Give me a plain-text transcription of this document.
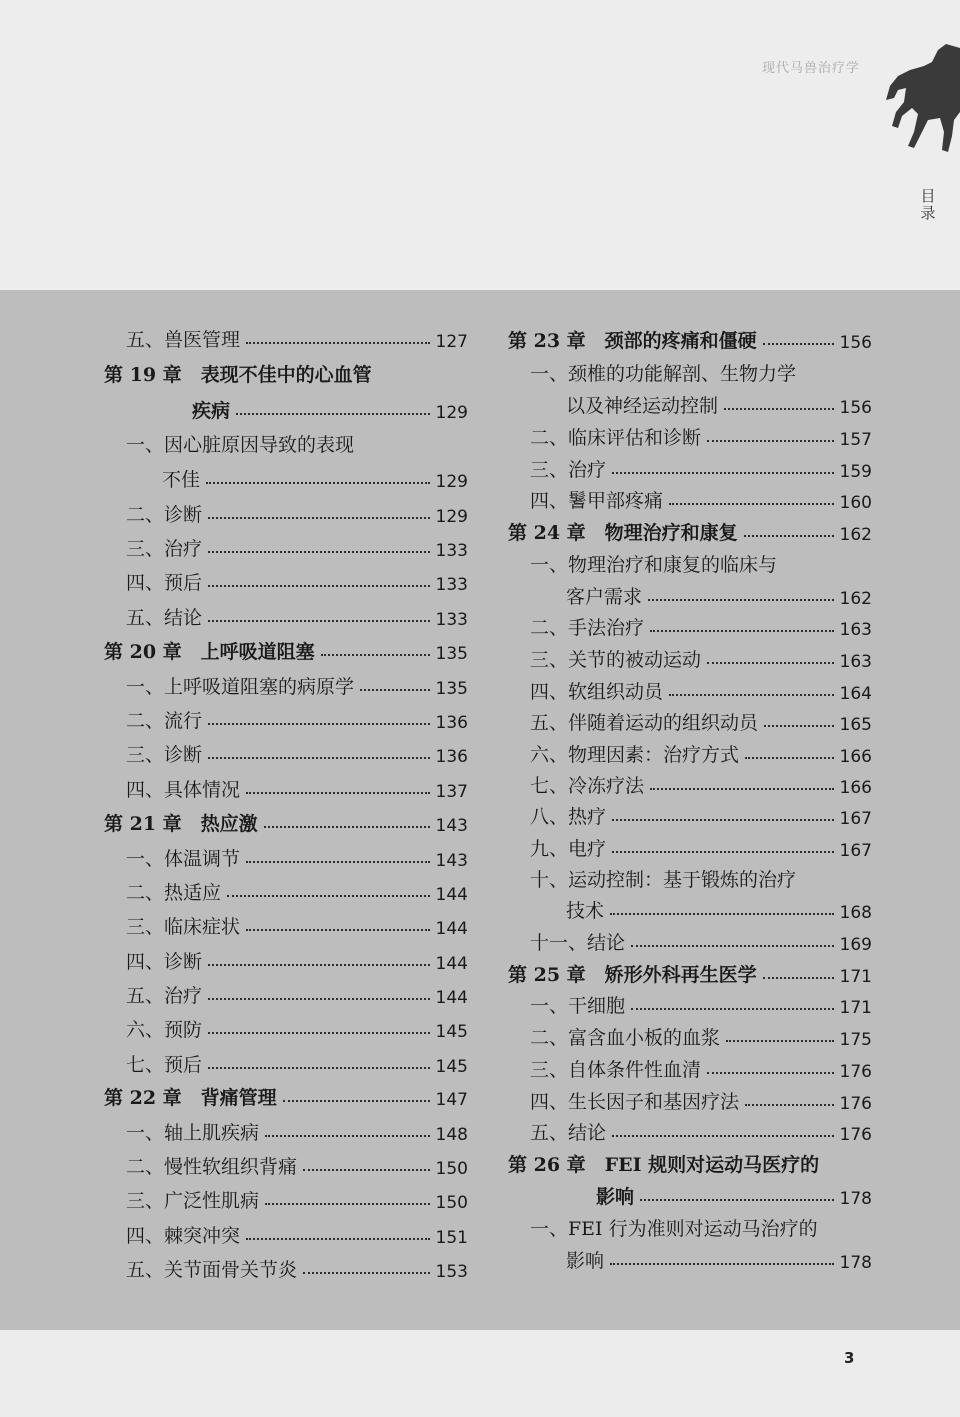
现代马兽治疗学
目录
五、兽医管理	127
第 19 章　表现不佳中的心血管
疾病	129
一、因心脏原因导致的表现
不佳	129
二、诊断	129
三、治疗	133
四、预后	133
五、结论	133
第 20 章　上呼吸道阻塞	135
一、上呼吸道阻塞的病原学	135
二、流行	136
三、诊断	136
四、具体情况	137
第 21 章　热应激	143
一、体温调节	143
二、热适应	144
三、临床症状	144
四、诊断	144
五、治疗	144
六、预防	145
七、预后	145
第 22 章　背痛管理	147
一、轴上肌疾病	148
二、慢性软组织背痛	150
三、广泛性肌病	150
四、棘突冲突	151
五、关节面骨关节炎	153
第 23 章　颈部的疼痛和僵硬	156
一、颈椎的功能解剖、生物力学
以及神经运动控制	156
二、临床评估和诊断	157
三、治疗	159
四、鬐甲部疼痛	160
第 24 章　物理治疗和康复	162
一、物理治疗和康复的临床与
客户需求	162
二、手法治疗	163
三、关节的被动运动	163
四、软组织动员	164
五、伴随着运动的组织动员	165
六、物理因素：治疗方式	166
七、冷冻疗法	166
八、热疗	167
九、电疗	167
十、运动控制：基于锻炼的治疗
技术	168
十一、结论	169
第 25 章　矫形外科再生医学	171
一、干细胞	171
二、富含血小板的血浆	175
三、自体条件性血清	176
四、生长因子和基因疗法	176
五、结论	176
第 26 章　FEI 规则对运动马医疗的
影响	178
一、FEI 行为准则对运动马治疗的
影响	178
3
